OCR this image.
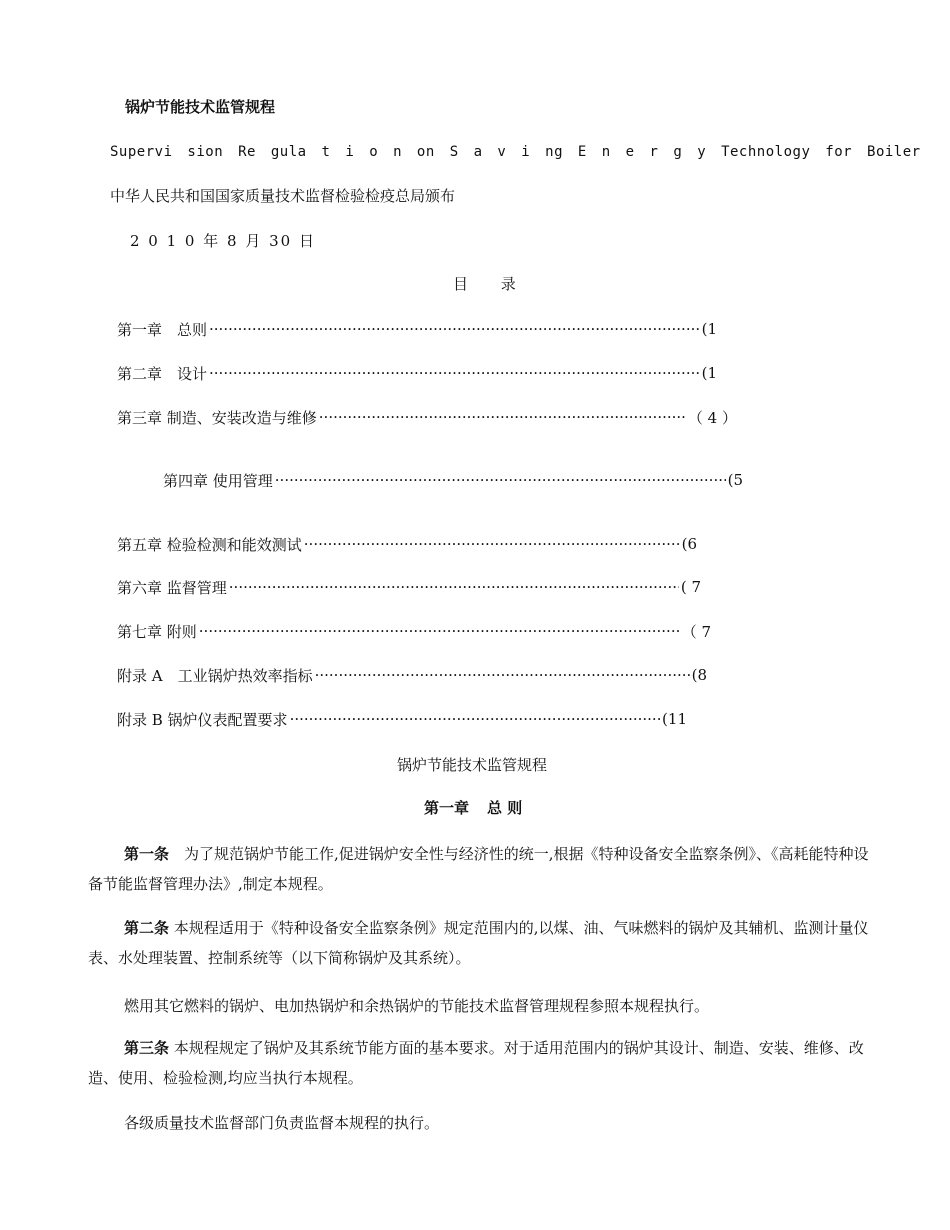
锅炉节能技术监管规程
Supervi sion Re gula t i o n on S a v i ng E n e r g y Technology for Boiler
中华人民共和国国家质量技术监督检验检疫总局颁布
2 0 1 0 年 8 月 30 日
目 录
第一章　总则 ·····	(1
第二章　设计 ·····	(1
第三章 制造、安装改造与维修 ·····	（ 4 ）
第四章 使用管理 ·····	(5
第五章 检验检测和能效测试 ·····	(6
第六章 监督管理 ·····	( 7
第七章 附则 ·····	（ 7
附录 A　工业锅炉热效率指标 ·····	(8
附录 B 锅炉仪表配置要求 ·····	(11
锅炉节能技术监管规程
第一章 总 则
第一条　为了规范锅炉节能工作,促进锅炉安全性与经济性的统一,根据《特种设备安全监察条例》、《高耗能特种设备节能监督管理办法》,制定本规程。
第二条 本规程适用于《特种设备安全监察条例》规定范围内的,以煤、油、气味燃料的锅炉及其辅机、监测计量仪表、水处理装置、控制系统等（以下简称锅炉及其系统）。
燃用其它燃料的锅炉、电加热锅炉和余热锅炉的节能技术监督管理规程参照本规程执行。
第三条 本规程规定了锅炉及其系统节能方面的基本要求。对于适用范围内的锅炉其设计、制造、安装、维修、改造、使用、检验检测,均应当执行本规程。
各级质量技术监督部门负责监督本规程的执行。
